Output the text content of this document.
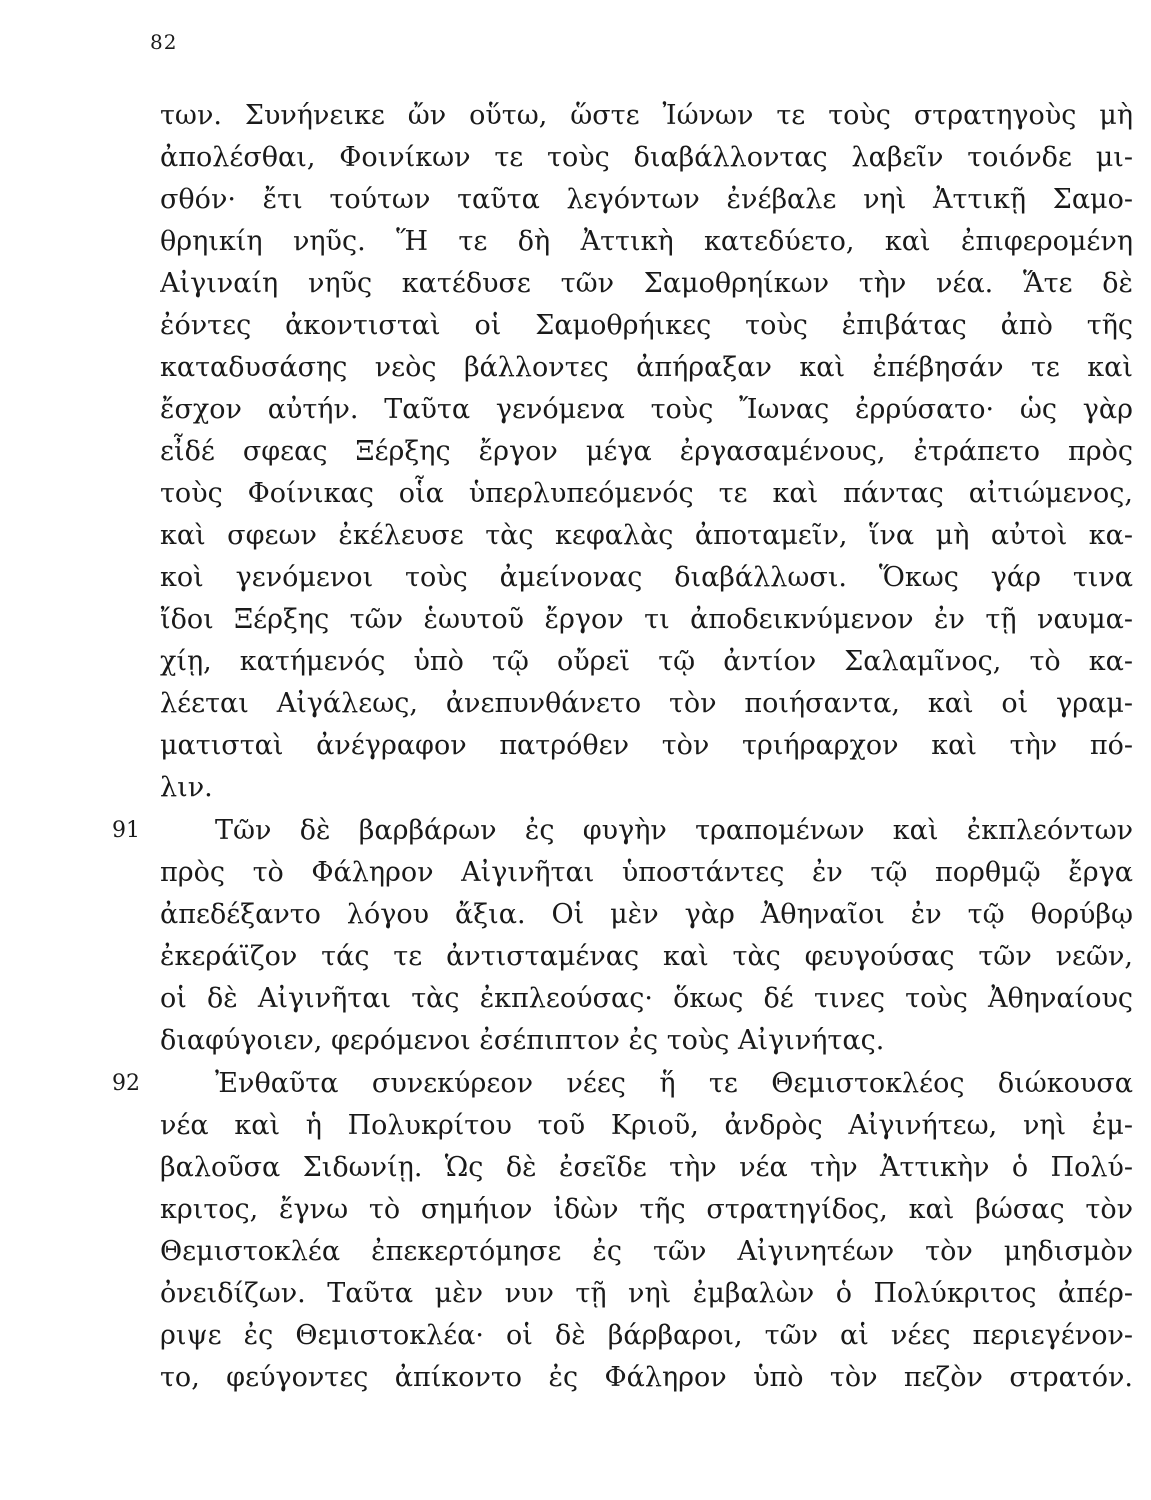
82
των. Συνήνεικε ὤν οὕτω, ὥστε Ἰώνων τε τοὺς στρατηγοὺς μὴ
ἀπολέσθαι, Φοινίκων τε τοὺς διαβάλλοντας λαβεῖν τοιόνδε μι-
σθόν· ἔτι τούτων ταῦτα λεγόντων ἐνέβαλε νηὶ Ἀττικῇ Σαμο-
θρηικίη νηῦς. Ἥ τε δὴ Ἀττικὴ κατεδύετο, καὶ ἐπιφερομένη
Αἰγιναίη νηῦς κατέδυσε τῶν Σαμοθρηίκων τὴν νέα. Ἅτε δὲ
ἐόντες ἀκοντισταὶ οἱ Σαμοθρήικες τοὺς ἐπιβάτας ἀπὸ τῆς
καταδυσάσης νεὸς βάλλοντες ἀπήραξαν καὶ ἐπέβησάν τε καὶ
ἔσχον αὐτήν. Ταῦτα γενόμενα τοὺς Ἴωνας ἐρρύσατο· ὡς γὰρ
εἶδέ σφεας Ξέρξης ἔργον μέγα ἐργασαμένους, ἐτράπετο πρὸς
τοὺς Φοίνικας οἷα ὑπερλυπεόμενός τε καὶ πάντας αἰτιώμενος,
καὶ σφεων ἐκέλευσε τὰς κεφαλὰς ἀποταμεῖν, ἵνα μὴ αὐτοὶ κα-
κοὶ γενόμενοι τοὺς ἀμείνονας διαβάλλωσι. Ὅκως γάρ τινα
ἴδοι Ξέρξης τῶν ἑωυτοῦ ἔργον τι ἀποδεικνύμενον ἐν τῇ ναυμα-
χίῃ, κατήμενός ὑπὸ τῷ οὔρεϊ τῷ ἀντίον Σαλαμῖνος, τὸ κα-
λέεται Αἰγάλεως, ἀνεπυνθάνετο τὸν ποιήσαντα, καὶ οἱ γραμ-
ματισταὶ ἀνέγραφον πατρόθεν τὸν τριήραρχον καὶ τὴν πό-
λιν.
91	Τῶν δὲ βαρβάρων ἐς φυγὴν τραπομένων καὶ ἐκπλεόντων
πρὸς τὸ Φάληρον Αἰγινῆται ὑποστάντες ἐν τῷ πορθμῷ ἔργα
ἀπεδέξαντο λόγου ἄξια. Οἱ μὲν γὰρ Ἀθηναῖοι ἐν τῷ θορύβῳ
ἐκεράϊζον τάς τε ἀντισταμένας καὶ τὰς φευγούσας τῶν νεῶν,
οἱ δὲ Αἰγινῆται τὰς ἐκπλεούσας· ὅκως δέ τινες τοὺς Ἀθηναίους
διαφύγοιεν, φερόμενοι ἐσέπιπτον ἐς τοὺς Αἰγινήτας.
92	Ἐνθαῦτα συνεκύρεον νέες ἥ τε Θεμιστοκλέος διώκουσα
νέα καὶ ἡ Πολυκρίτου τοῦ Κριοῦ, ἀνδρὸς Αἰγινήτεω, νηὶ ἐμ-
βαλοῦσα Σιδωνίῃ. Ὡς δὲ ἐσεῖδε τὴν νέα τὴν Ἀττικὴν ὁ Πολύ-
κριτος, ἔγνω τὸ σημήιον ἰδὼν τῆς στρατηγίδος, καὶ βώσας τὸν
Θεμιστοκλέα ἐπεκερτόμησε ἐς τῶν Αἰγινητέων τὸν μηδισμὸν
ὀνειδίζων. Ταῦτα μὲν νυν τῇ νηὶ ἐμβαλὼν ὁ Πολύκριτος ἀπέρ-
ριψε ἐς Θεμιστοκλέα· οἱ δὲ βάρβαροι, τῶν αἱ νέες περιεγένον-
το, φεύγοντες ἀπίκοντο ἐς Φάληρον ὑπὸ τὸν πεζὸν στρατόν.
